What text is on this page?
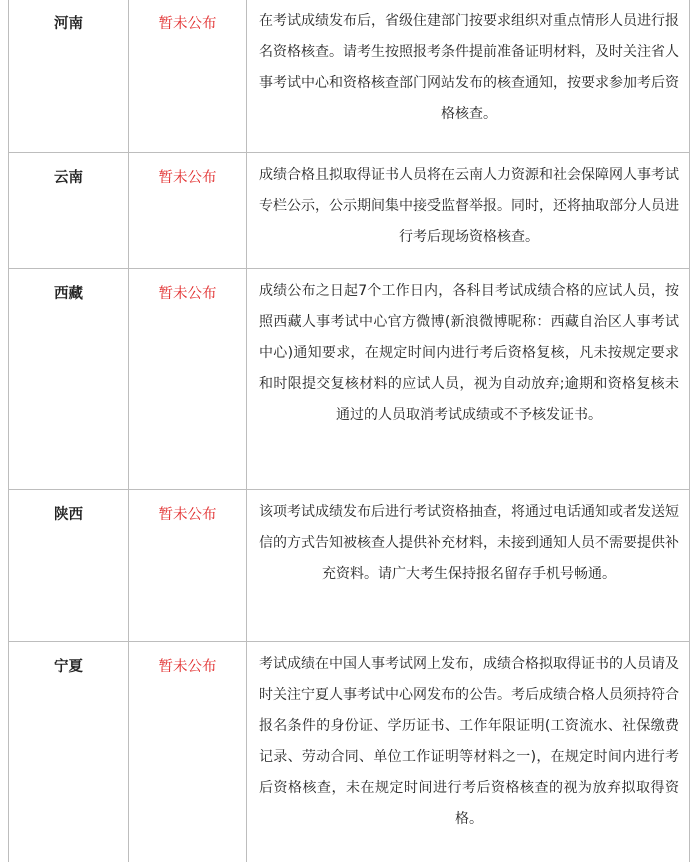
河南	暂未公布	在考试成绩发布后，省级住建部门按要求组织对重点情形人员进行报名资格核查。请考生按照报考条件提前准备证明材料，及时关注省人事考试中心和资格核查部门网站发布的核查通知，按要求参加考后资格核查。
云南	暂未公布	成绩合格且拟取得证书人员将在云南人力资源和社会保障网人事考试专栏公示，公示期间集中接受监督举报。同时，还将抽取部分人员进行考后现场资格核查。
西藏	暂未公布	成绩公布之日起7个工作日内，各科目考试成绩合格的应试人员，按照西藏人事考试中心官方微博(新浪微博昵称：西藏自治区人事考试中心)通知要求，在规定时间内进行考后资格复核，凡未按规定要求和时限提交复核材料的应试人员，视为自动放弃;逾期和资格复核未通过的人员取消考试成绩或不予核发证书。
陕西	暂未公布	该项考试成绩发布后进行考试资格抽查，将通过电话通知或者发送短信的方式告知被核查人提供补充材料，未接到通知人员不需要提供补充资料。请广大考生保持报名留存手机号畅通。
宁夏	暂未公布	考试成绩在中国人事考试网上发布，成绩合格拟取得证书的人员请及时关注宁夏人事考试中心网发布的公告。考后成绩合格人员须持符合报名条件的身份证、学历证书、工作年限证明(工资流水、社保缴费记录、劳动合同、单位工作证明等材料之一)，在规定时间内进行考后资格核查，未在规定时间进行考后资格核查的视为放弃拟取得资格。
